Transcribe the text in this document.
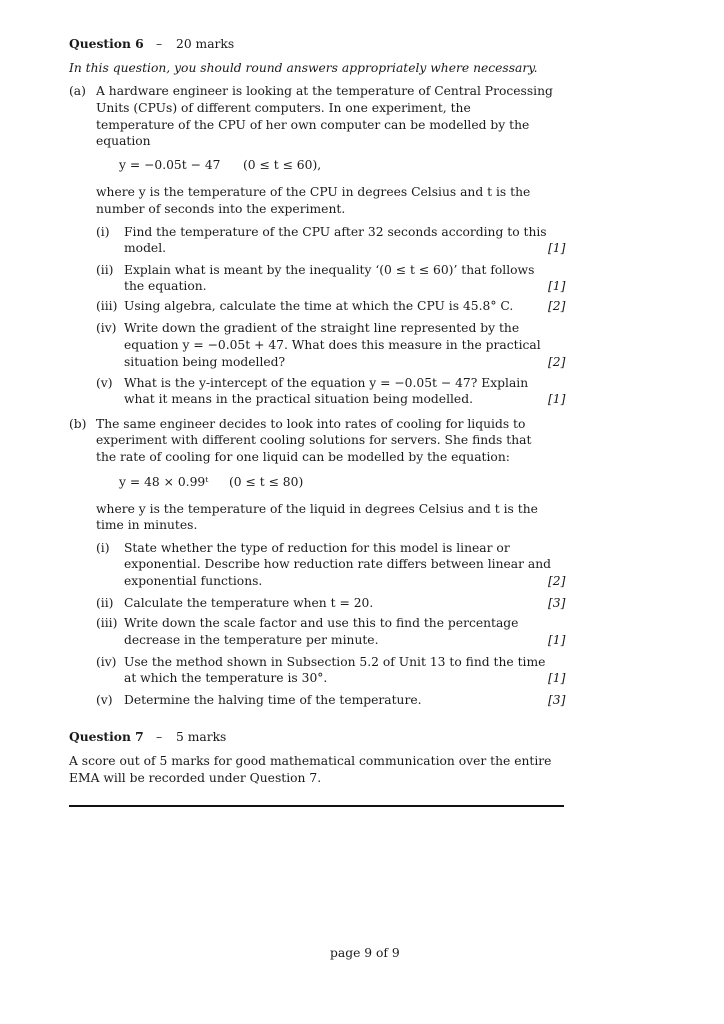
Question 6 – 20 marks
In this question, you should round answers appropriately where necessary.
(a) A hardware engineer is looking at the temperature of Central Processing
Units (CPUs) of different computers. In one experiment, the
temperature of the CPU of her own computer can be modelled by the
equation
y = −0.05t − 47 (0 ≤ t ≤ 60),
where y is the temperature of the CPU in degrees Celsius and t is the
number of seconds into the experiment.
(i) Find the temperature of the CPU after 32 seconds according to this
model.	[1]
(ii) Explain what is meant by the inequality ‘(0 ≤ t ≤ 60)’ that follows
the equation.	[1]
(iii) Using algebra, calculate the time at which the CPU is 45.8° C.	[2]
(iv) Write down the gradient of the straight line represented by the
equation y = −0.05t + 47. What does this measure in the practical
situation being modelled?	[2]
(v) What is the y-intercept of the equation y = −0.05t − 47? Explain
what it means in the practical situation being modelled.	[1]
(b) The same engineer decides to look into rates of cooling for liquids to
experiment with different cooling solutions for servers. She finds that
the rate of cooling for one liquid can be modelled by the equation:
y = 48 × 0.99ᵗ (0 ≤ t ≤ 80)
where y is the temperature of the liquid in degrees Celsius and t is the
time in minutes.
(i) State whether the type of reduction for this model is linear or
exponential. Describe how reduction rate differs between linear and
exponential functions.	[2]
(ii) Calculate the temperature when t = 20.	[3]
(iii) Write down the scale factor and use this to find the percentage
decrease in the temperature per minute.	[1]
(iv) Use the method shown in Subsection 5.2 of Unit 13 to find the time
at which the temperature is 30°.	[1]
(v) Determine the halving time of the temperature.	[3]
Question 7 – 5 marks
A score out of 5 marks for good mathematical communication over the entire
EMA will be recorded under Question 7.
page 9 of 9
